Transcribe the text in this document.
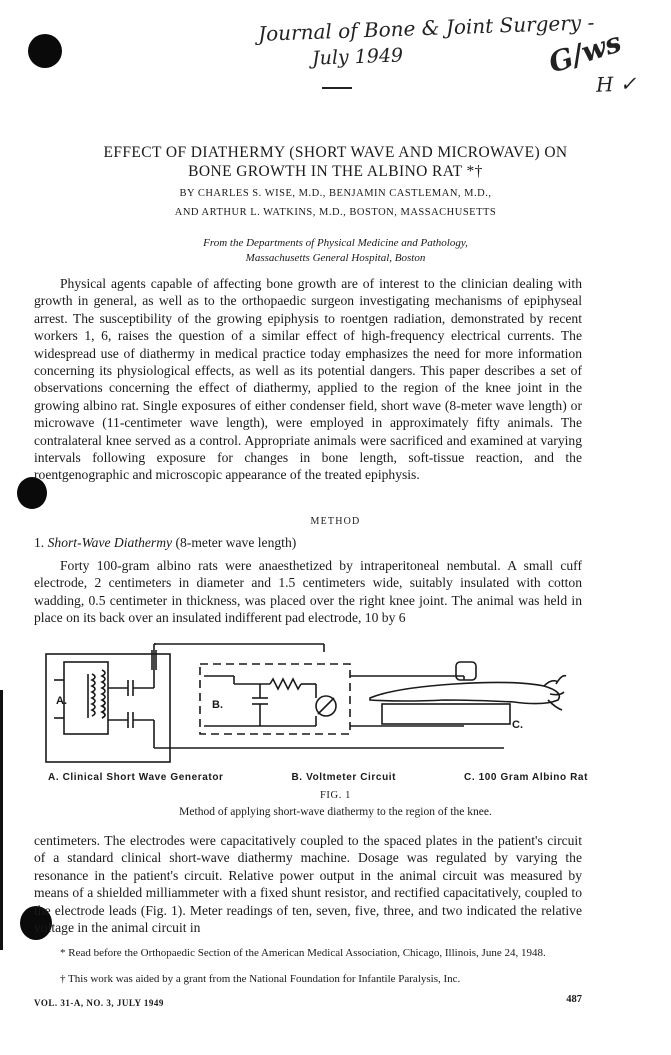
Journal of Bone & Joint Surgery -
July 1949	G/ws
H ✓
EFFECT OF DIATHERMY (SHORT WAVE AND MICROWAVE) ON
BONE GROWTH IN THE ALBINO RAT *†
BY CHARLES S. WISE, M.D., BENJAMIN CASTLEMAN, M.D.,
AND ARTHUR L. WATKINS, M.D., BOSTON, MASSACHUSETTS
From the Departments of Physical Medicine and Pathology,
Massachusetts General Hospital, Boston
Physical agents capable of affecting bone growth are of interest to the clinician dealing with growth in general, as well as to the orthopaedic surgeon investigating mechanisms of epiphyseal arrest. The susceptibility of the growing epiphysis to roentgen radiation, demonstrated by recent workers 1, 6, raises the question of a similar effect of high-frequency electrical currents. The widespread use of diathermy in medical practice today emphasizes the need for more information concerning its physiological effects, as well as its potential dangers. This paper describes a set of observations concerning the effect of diathermy, applied to the region of the knee joint in the growing albino rat. Single exposures of either condenser field, short wave (8-meter wave length) or microwave (11-centimeter wave length), were employed in approximately fifty animals. The contralateral knee served as a control. Appropriate animals were sacrificed and examined at varying intervals following exposure for changes in bone length, soft-tissue reaction, and the roentgenographic and microscopic appearance of the treated epiphysis.
METHOD
1. Short-Wave Diathermy (8-meter wave length)
Forty 100-gram albino rats were anaesthetized by intraperitoneal nembutal. A small cuff electrode, 2 centimeters in diameter and 1.5 centimeters wide, suitably insulated with cotton wadding, 0.5 centimeter in thickness, was placed over the right knee joint. The animal was held in place on its back over an insulated indifferent pad electrode, 10 by 6
A.	B.
C.
A. Clinical Short Wave Generator	B. Voltmeter Circuit	C. 100 Gram Albino Rat
FIG. 1
Method of applying short-wave diathermy to the region of the knee.
centimeters. The electrodes were capacitatively coupled to the spaced plates in the patient's circuit of a standard clinical short-wave diathermy machine. Dosage was regulated by varying the resonance in the patient's circuit. Relative power output in the animal circuit was measured by means of a shielded milliammeter with a fixed shunt resistor, and rectified capacitatively, coupled to the electrode leads (Fig. 1). Meter readings of ten, seven, five, three, and two indicated the relative voltage in the animal circuit in
* Read before the Orthopaedic Section of the American Medical Association, Chicago, Illinois, June 24, 1948.
† This work was aided by a grant from the National Foundation for Infantile Paralysis, Inc.
VOL. 31-A, NO. 3, JULY 1949	487
